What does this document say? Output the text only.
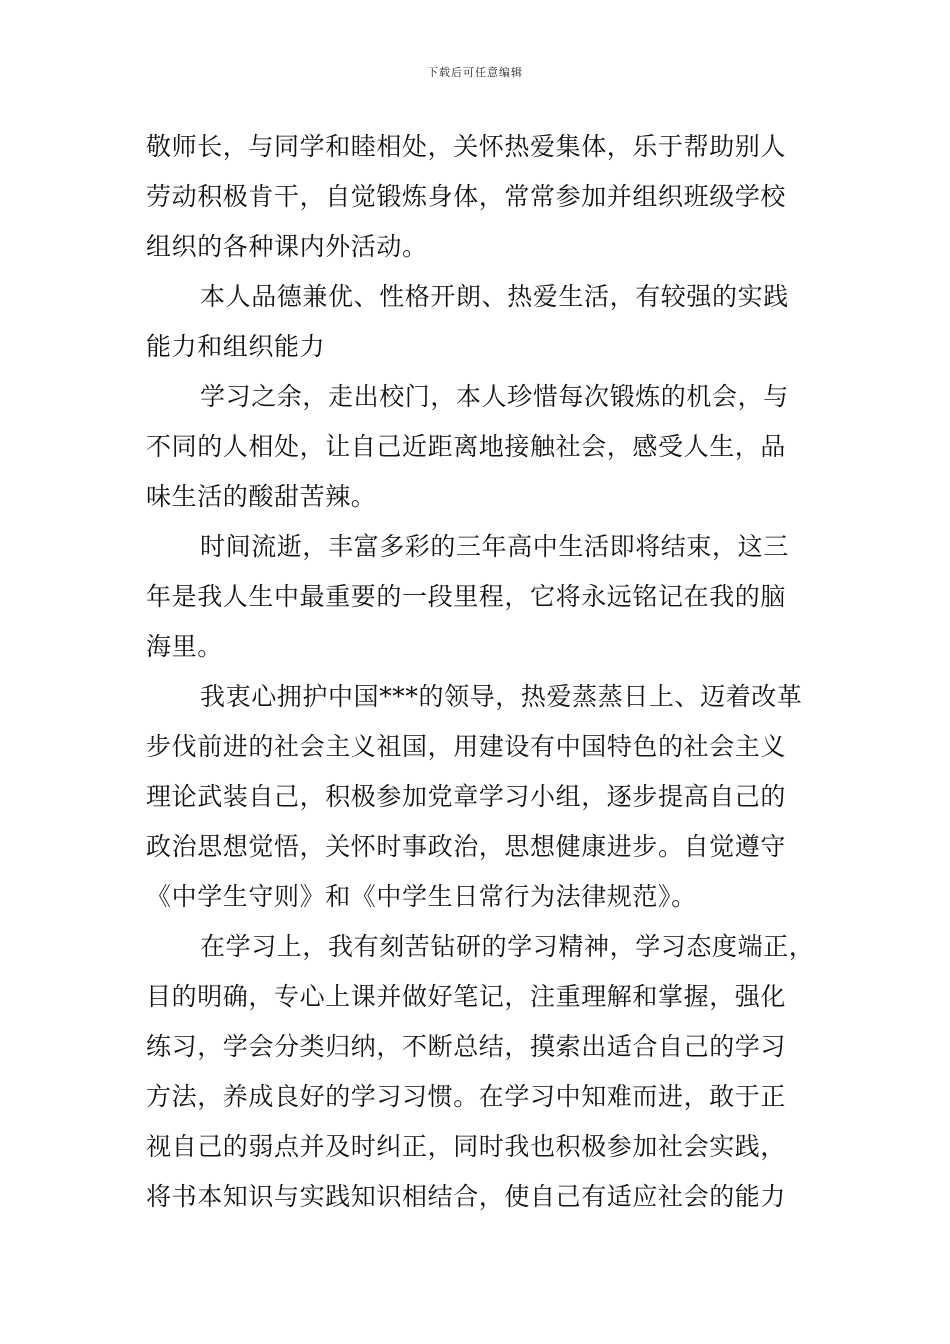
下载后可任意编辑
敬师长，与同学和睦相处，关怀热爱集体，乐于帮助别人
劳动积极肯干，自觉锻炼身体，常常参加并组织班级学校
组织的各种课内外活动。
本人品德兼优、性格开朗、热爱生活，有较强的实践
能力和组织能力
学习之余，走出校门，本人珍惜每次锻炼的机会，与
不同的人相处，让自己近距离地接触社会，感受人生，品
味生活的酸甜苦辣。
时间流逝，丰富多彩的三年高中生活即将结束，这三
年是我人生中最重要的一段里程，它将永远铭记在我的脑
海里。
我衷心拥护中国***的领导，热爱蒸蒸日上、迈着改革
步伐前进的社会主义祖国，用建设有中国特色的社会主义
理论武装自己，积极参加党章学习小组，逐步提高自己的
政治思想觉悟，关怀时事政治，思想健康进步。自觉遵守
《中学生守则》和《中学生日常行为法律规范》。
在学习上，我有刻苦钻研的学习精神，学习态度端正，
目的明确，专心上课并做好笔记，注重理解和掌握，强化
练习，学会分类归纳，不断总结，摸索出适合自己的学习
方法，养成良好的学习习惯。在学习中知难而进，敢于正
视自己的弱点并及时纠正，同时我也积极参加社会实践，
将书本知识与实践知识相结合，使自己有适应社会的能力
